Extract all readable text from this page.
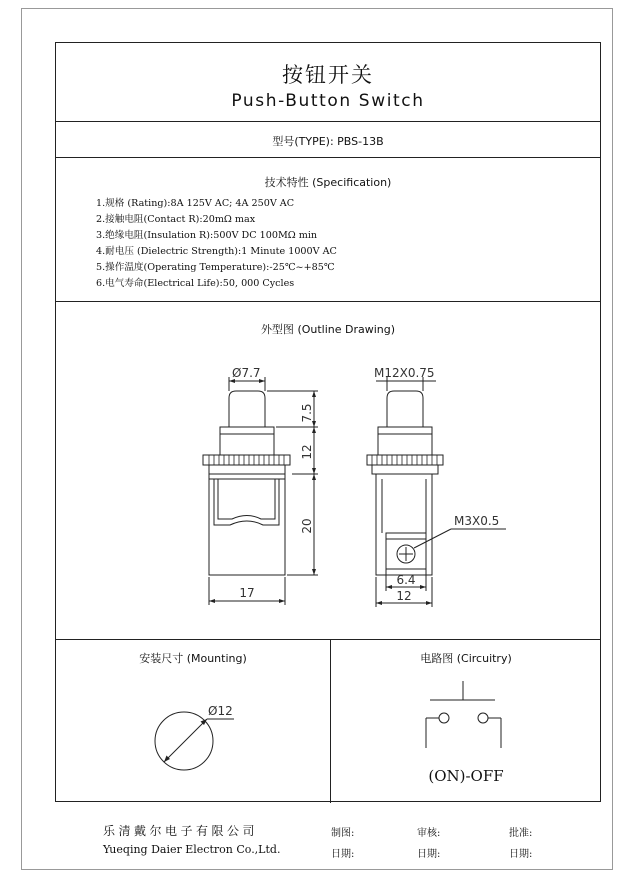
按钮开关
Push-Button Switch
型号(TYPE): PBS-13B
技术特性 (Specification)
1.规格 (Rating):8A 125V AC; 4A 250V AC
2.接触电阻(Contact R):20mΩ max
3.绝缘电阻(Insulation R):500V DC 100MΩ min
4.耐电压 (Dielectric Strength):1 Minute 1000V AC
5.操作温度(Operating Temperature):-25℃~+85℃
6.电气寿命(Electrical Life):50, 000 Cycles
外型图 (Outline Drawing)
Ø7.7
7.5
12
20
17
M12X0.75
M3X0.5
6.4
12
安装尺寸 (Mounting)	电路图 (Circuitry)
Ø12
(ON)-OFF
乐清戴尔电子有限公司
Yueqing Daier Electron Co.,Ltd.
制图:	审核:	批准:
日期:	日期:	日期:
